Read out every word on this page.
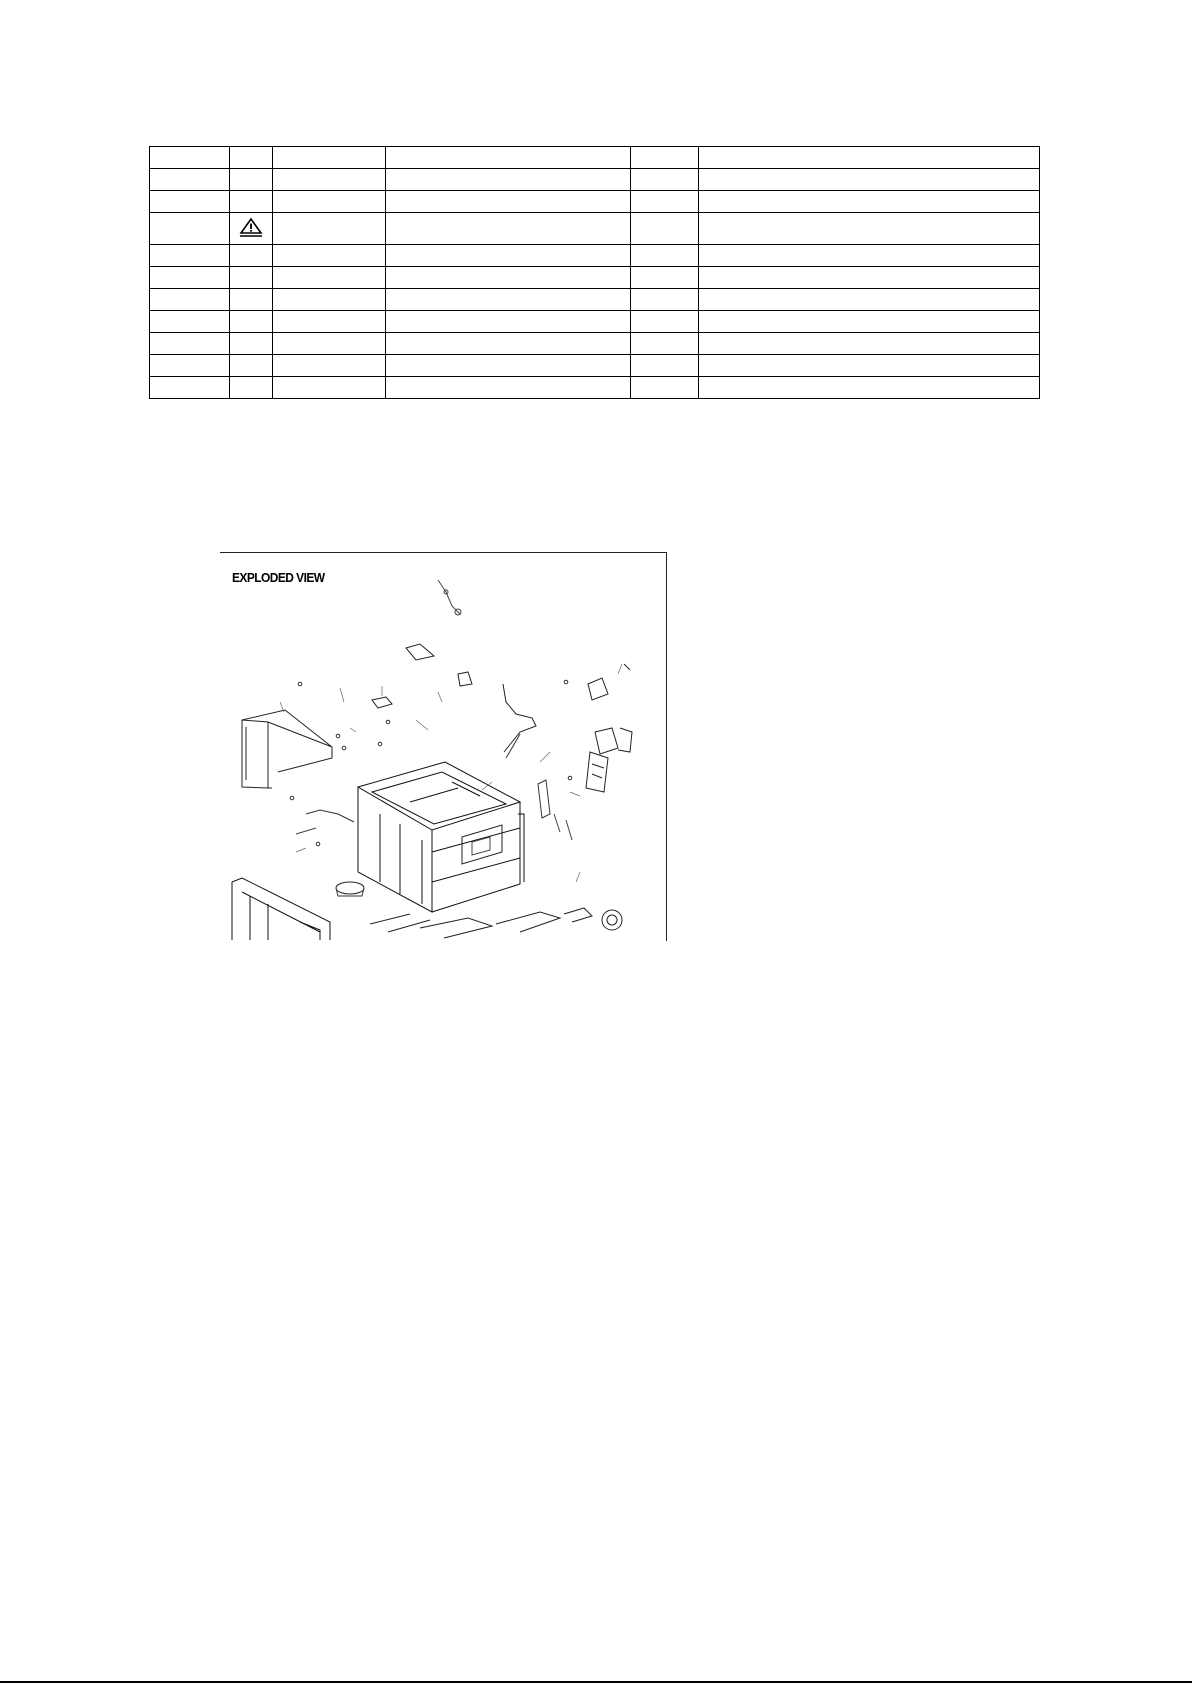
EXPLODED VIEW
